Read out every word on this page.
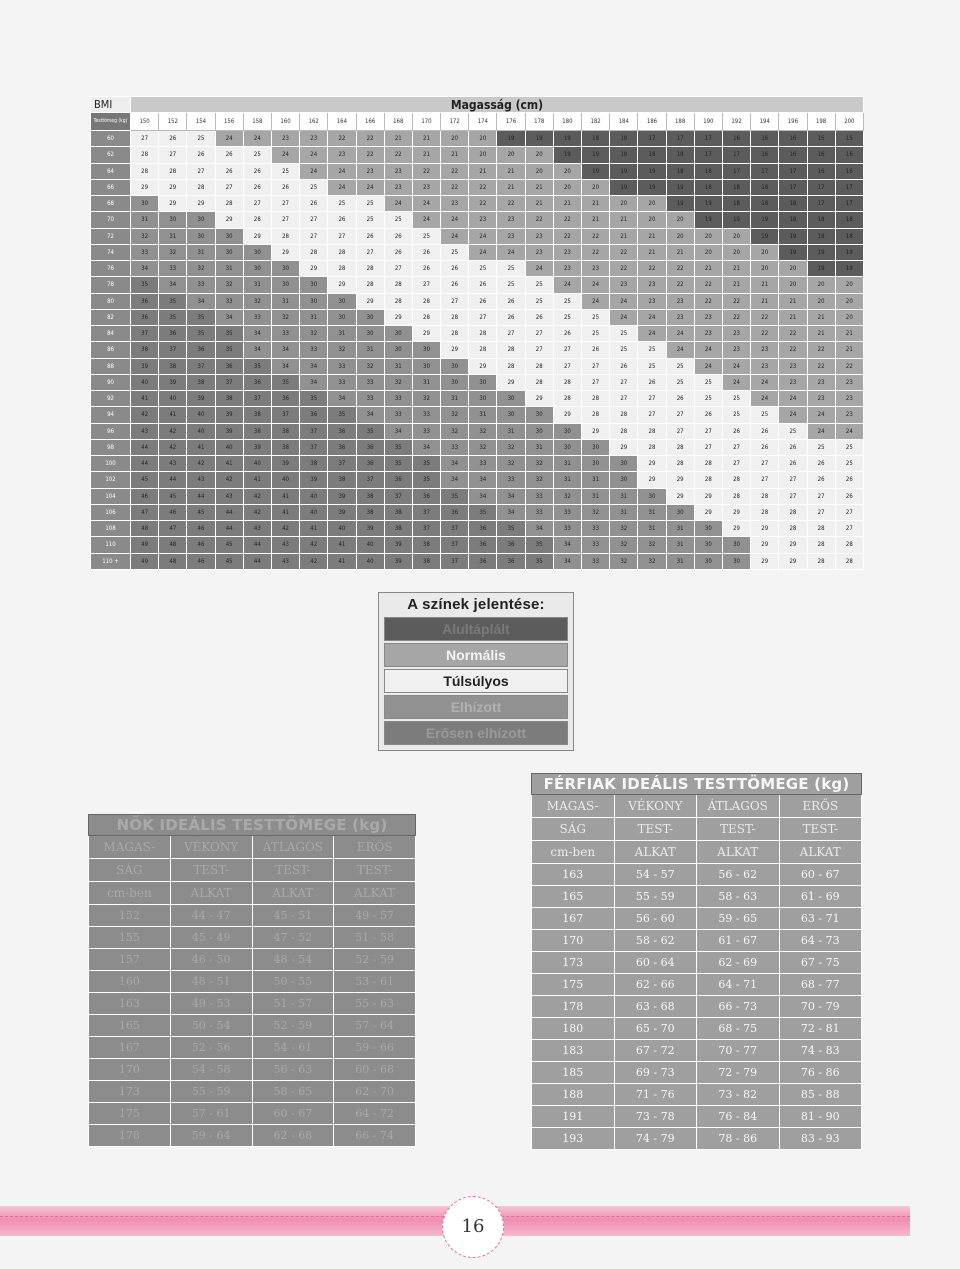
BMI	Magasság (cm)																									
Testtömeg (kg)	150	152	154	156	158	160	162	164	166	168	170	172	174	176	178	180	182	184	186	188	190	192	194	196	198	200
60	27	26	25	24	24	23	23	22	22	21	21	20	20	19	19	19	18	18	17	17	17	16	16	16	15	15
62	28	27	26	26	25	24	24	23	22	22	21	21	20	20	20	19	19	18	18	18	17	17	16	16	16	16
64	28	28	27	26	26	25	24	24	23	23	22	22	21	21	20	20	19	19	19	18	18	17	17	17	16	16
66	29	29	28	27	26	26	25	24	24	23	23	22	22	21	21	20	20	19	19	19	18	18	18	17	17	17
68	30	29	29	28	27	27	26	25	25	24	24	23	22	22	21	21	21	20	20	19	19	18	18	18	17	17
70	31	30	30	29	28	27	27	26	25	25	24	24	23	23	22	22	21	21	20	20	19	19	19	18	18	18
72	32	31	30	30	29	28	27	27	26	26	25	24	24	23	23	22	22	21	21	20	20	20	19	19	18	18
74	33	32	31	30	30	29	28	28	27	26	26	25	24	24	23	23	22	22	21	21	20	20	20	19	19	19
76	34	33	32	31	30	30	29	28	28	27	26	26	25	25	24	23	23	22	22	22	21	21	20	20	19	19
78	35	34	33	32	31	30	30	29	28	28	27	26	26	25	25	24	24	23	23	22	22	21	21	20	20	20
80	36	35	34	33	32	31	30	30	29	28	28	27	26	26	25	25	24	24	23	23	22	22	21	21	20	20
82	36	35	35	34	33	32	31	30	30	29	28	28	27	26	26	25	25	24	24	23	23	22	22	21	21	20
84	37	36	35	35	34	33	32	31	30	30	29	28	28	27	27	26	25	25	24	24	23	23	22	22	21	21
86	38	37	36	35	34	34	33	32	31	30	30	29	28	28	27	27	26	25	25	24	24	23	23	22	22	21
88	39	38	37	36	35	34	34	33	32	31	30	30	29	28	28	27	27	26	25	25	24	24	23	23	22	22
90	40	39	38	37	36	35	34	33	33	32	31	30	30	29	28	28	27	27	26	25	25	24	24	23	23	23
92	41	40	39	38	37	36	35	34	33	33	32	31	30	30	29	28	28	27	27	26	25	25	24	24	23	23
94	42	41	40	39	38	37	36	35	34	33	33	32	31	30	30	29	28	28	27	27	26	25	25	24	24	23
96	43	42	40	39	38	38	37	36	35	34	33	32	32	31	30	30	29	28	28	27	27	26	26	25	24	24
98	44	42	41	40	39	38	37	36	36	35	34	33	32	32	31	30	30	29	28	28	27	27	26	26	25	25
100	44	43	42	41	40	39	38	37	36	35	35	34	33	32	32	31	30	30	29	28	28	27	27	26	26	25
102	45	44	43	42	41	40	39	38	37	36	35	34	34	33	32	31	31	30	29	29	28	28	27	27	26	26
104	46	45	44	43	42	41	40	39	38	37	36	35	34	34	33	32	31	31	30	29	29	28	28	27	27	26
106	47	46	45	44	42	41	40	39	38	38	37	36	35	34	33	33	32	31	31	30	29	29	28	28	27	27
108	48	47	46	44	43	42	41	40	39	38	37	37	36	35	34	33	33	32	31	31	30	29	29	28	28	27
110	49	48	46	45	44	43	42	41	40	39	38	37	36	36	35	34	33	32	32	31	30	30	29	29	28	28
110 +	49	48	46	45	44	43	42	41	40	39	38	37	36	36	35	34	33	32	32	31	30	30	29	29	28	28
A színek jelentése:
Alultáplált
Normális
Túlsúlyos
Elhízott
Erősen elhízott
NŐK IDEÁLIS TESTTÖMEGE (kg)			
MAGAS-	VÉKONY	ÁTLAGOS	ERŐS
SÁG	TEST-	TEST-	TEST-
cm-ben	ALKAT	ALKAT	ALKAT
152	44 - 47	45 - 51	49 - 57
155	45 - 49	47 - 52	51 - 58
157	46 - 50	48 - 54	52 - 59
160	48 - 51	50 - 55	53 - 61
163	49 - 53	51 - 57	55 - 63
165	50 - 54	52 - 59	57 - 64
167	52 - 56	54 - 61	59 - 66
170	54 - 58	56 - 63	60 - 68
173	55 - 59	58 - 65	62 - 70
175	57 - 61	60 - 67	64 - 72
178	59 - 64	62 - 68	66 - 74
FÉRFIAK IDEÁLIS TESTTÖMEGE (kg)			
MAGAS-	VÉKONY	ÁTLAGOS	ERŐS
SÁG	TEST-	TEST-	TEST-
cm-ben	ALKAT	ALKAT	ALKAT
163	54 - 57	56 - 62	60 - 67
165	55 - 59	58 - 63	61 - 69
167	56 - 60	59 - 65	63 - 71
170	58 - 62	61 - 67	64 - 73
173	60 - 64	62 - 69	67 - 75
175	62 - 66	64 - 71	68 - 77
178	63 - 68	66 - 73	70 - 79
180	65 - 70	68 - 75	72 - 81
183	67 - 72	70 - 77	74 - 83
185	69 - 73	72 - 79	76 - 86
188	71 - 76	73 - 82	85 - 88
191	73 - 78	76 - 84	81 - 90
193	74 - 79	78 - 86	83 - 93
16
